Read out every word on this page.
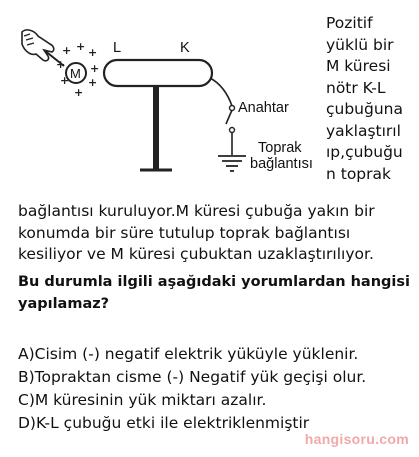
M
+ + +
+ +
+
+
+
L	K
Anahtar
Toprak
bağlantısı
Pozitif
yüklü bir
M küresi
nötr K-L
çubuğuna
yaklaştırıl
ıp,çubuğu
n toprak
bağlantısı kuruluyor.M küresi çubuğa yakın bir
konumda bir süre tutulup toprak bağlantısı
kesiliyor ve M küresi çubuktan uzaklaştırılıyor.
Bu durumla ilgili aşağıdaki yorumlardan hangisi
yapılamaz?
A)Cisim (-) negatif elektrik yüküyle yüklenir.
B)Topraktan cisme (-) Negatif yük geçişi olur.
C)M küresinin yük miktarı azalır.
D)K-L çubuğu etki ile elektriklenmiştir
hangisoru.com
